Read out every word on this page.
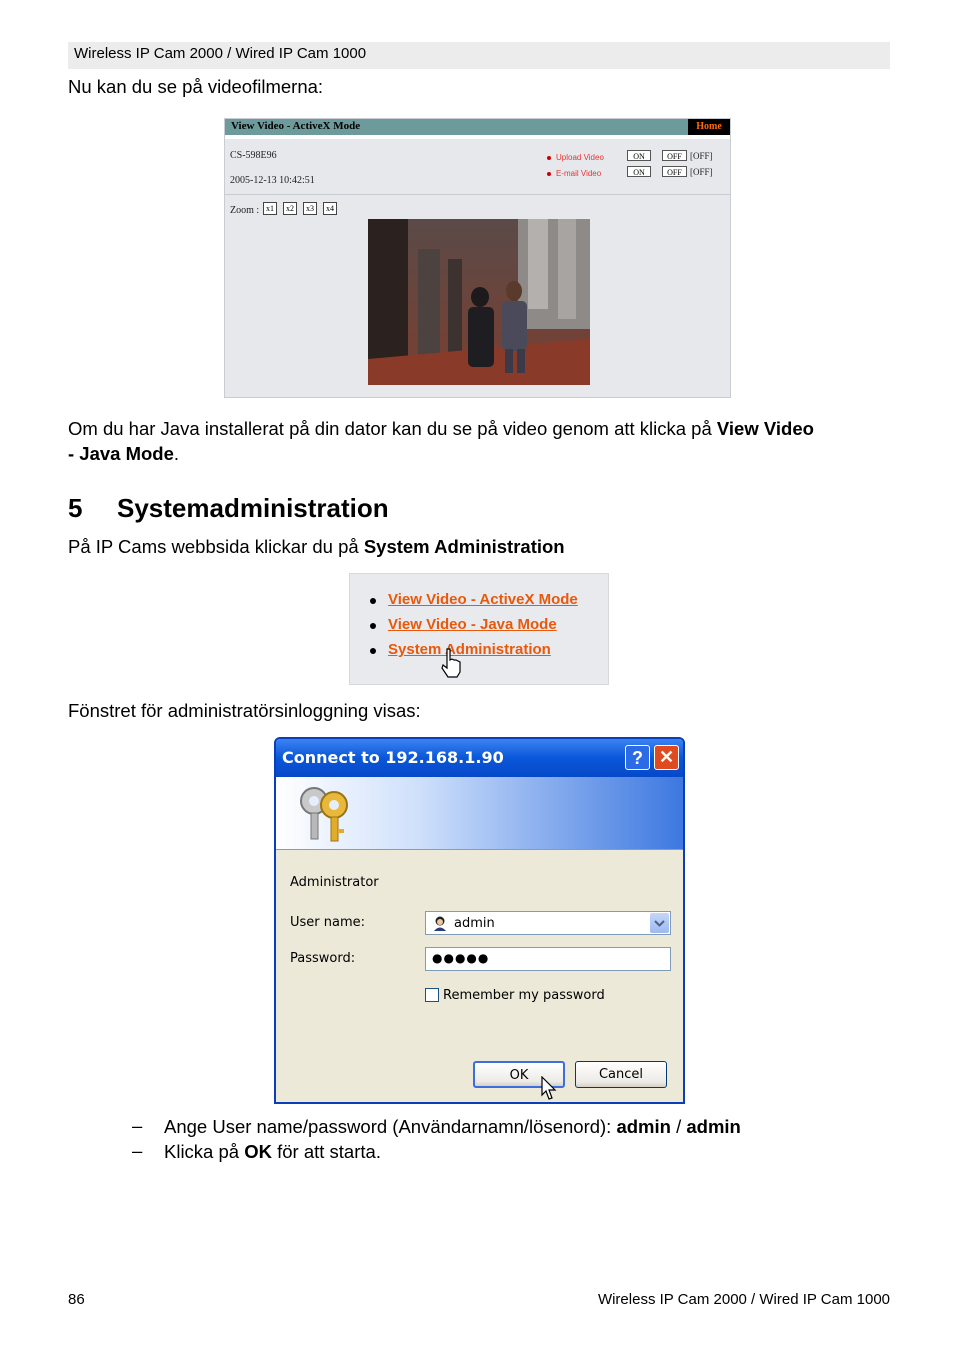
Wireless IP Cam 2000 / Wired IP Cam 1000
Nu kan du se på videofilmerna:
View Video - ActiveX Mode	Home
CS-598E96
2005-12-13 10:42:51
Upload Video
E-mail Video
ON	OFF [OFF]
ON	OFF [OFF]
Zoom : x1	x2	x3	x4
Om du har Java installerat på din dator kan du se på video genom att klicka på View Video
- Java Mode.
5 Systemadministration
På IP Cams webbsida klickar du på System Administration
View Video - ActiveX Mode
View Video - Java Mode
System Administration
Fönstret för administratörsinloggning visas:
Connect to 192.168.1.90	? ✕
Administrator
User name:	admin
Password:	●●●●●
Remember my password
OK	Cancel
– Ange User name/password (Användarnamn/lösenord): admin / admin
– Klicka på OK för att starta.
86	Wireless IP Cam 2000 / Wired IP Cam 1000
